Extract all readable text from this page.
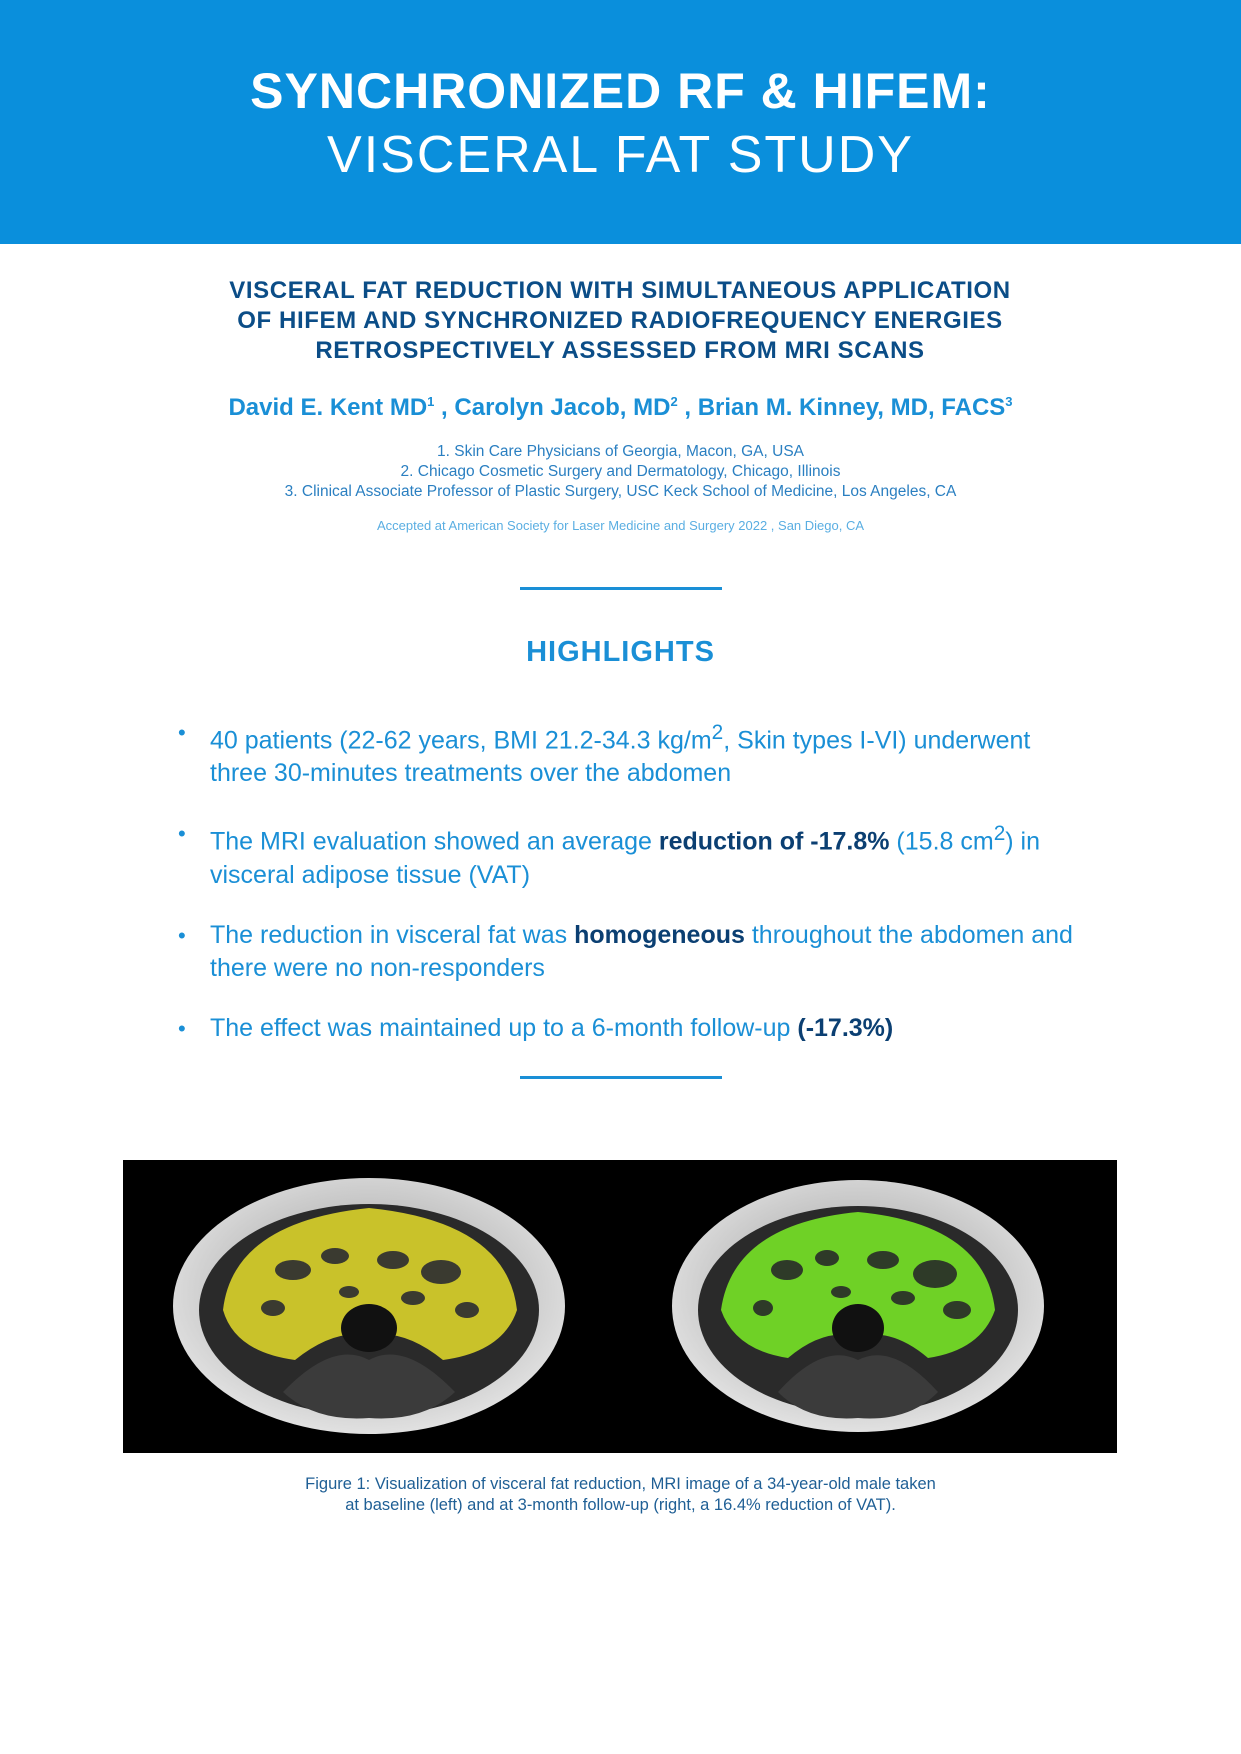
SYNCHRONIZED RF & HIFEM:
VISCERAL FAT STUDY
VISCERAL FAT REDUCTION WITH SIMULTANEOUS APPLICATION
OF HIFEM AND SYNCHRONIZED RADIOFREQUENCY ENERGIES
RETROSPECTIVELY ASSESSED FROM MRI SCANS
David E. Kent $MD^1$ , Carolyn Jacob, $MD^2$ , Brian M. Kinney, MD, FACS$^3$
1. Skin Care Physicians of Georgia, Macon, GA, USA
2. Chicago Cosmetic Surgery and Dermatology, Chicago, Illinois
3. Clinical Associate Professor of Plastic Surgery, USC Keck School of Medicine, Los Angeles, CA
Accepted at American Society for Laser Medicine and Surgery 2022 , San Diego, CA
HIGHLIGHTS
• 40 patients (22-62 years, BMI 21.2-34.3 $kg/m^2$, Skin types I-VI) underwent three 30-minutes treatments over the abdomen
• The MRI evaluation showed an average reduction of -17.8% (15.8 $cm^2$) in visceral adipose tissue (VAT)
• The reduction in visceral fat was homogeneous throughout the abdomen and there were no non-responders
• The effect was maintained up to a 6-month follow-up (-17.3%)
Figure 1: Visualization of visceral fat reduction, MRI image of a 34-year-old male taken
at baseline (left) and at 3-month follow-up (right, a 16.4% reduction of VAT).
